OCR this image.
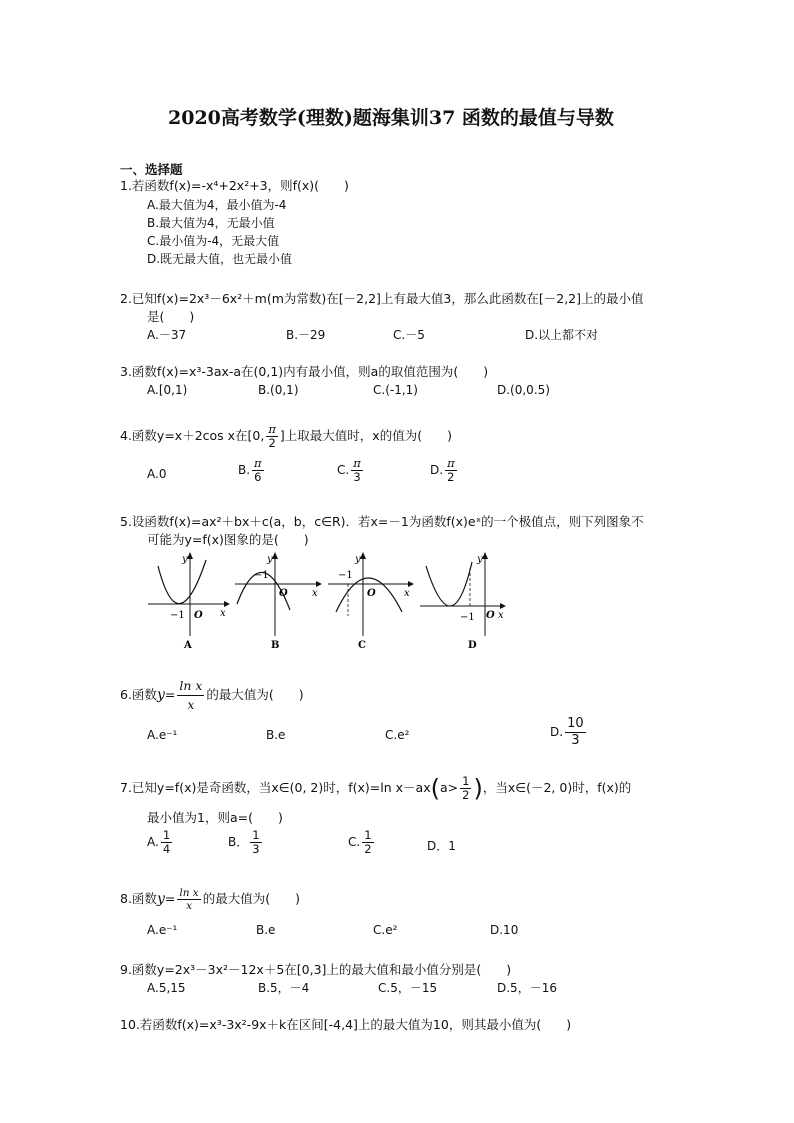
2020高考数学(理数)题海集训37 函数的最值与导数
一、选择题
1.若函数f(x)=-x⁴+2x²+3，则f(x)(　　)
A.最大值为4，最小值为-4
B.最大值为4，无最小值
C.最小值为-4，无最大值
D.既无最大值，也无最小值
2.已知f(x)=2x³－6x²＋m(m为常数)在[－2,2]上有最大值3，那么此函数在[－2,2]上的最小值
是(　　)
A.－37	B.－29	C.－5	D.以上都不对
3.函数f(x)=x³-3ax-a在(0,1)内有最小值，则a的取值范围为(　　)
A.[0,1)	B.(0,1)	C.(-1,1)	D.(0,0.5)
4.函数y=x＋2cos x在[0, $\frac{\pi}{2}$ ]上取最大值时，x的值为(　　)
A.0	B. $\frac{\pi}{6}$	C. $\frac{\pi}{3}$	D. $\frac{\pi}{2}$
5.设函数f(x)=ax²＋bx＋c(a，b，c∈R)．若x=－1为函数f(x)eˣ的一个极值点，则下列图象不
可能为y=f(x)图象的是(　　)
y
x
O
−1
A
y
x
O
−1
B
y
x
O
−1
C
y
x
O
−1
D
6.函数$y= \frac{\text{ln x}}{x}$ 的最大值为(　　)
A.e⁻¹	B.e	C.e²	D. $\frac{10}{3}$
7.已知y=f(x)是奇函数，当x∈(0, 2)时，f(x)=ln $x-ax(a> \frac{1}{2}$ )，当x∈(－2, 0)时，f(x)的
最小值为1，则a=(　　)
A. $\frac{1}{4}$	B． $\frac{1}{3}$	C. $\frac{1}{2}$	D．1
8.函数$y= \frac{\text{ln x}}{x}$ 的最大值为(　　)
A.e⁻¹	B.e	C.e²	D.10
9.函数y=2x³－3x²－12x＋5在[0,3]上的最大值和最小值分别是(　　)
A.5,15	B.5，－4	C.5，－15	D.5，－16
10.若函数f(x)=x³-3x²-9x＋k在区间[-4,4]上的最大值为10，则其最小值为(　　)
